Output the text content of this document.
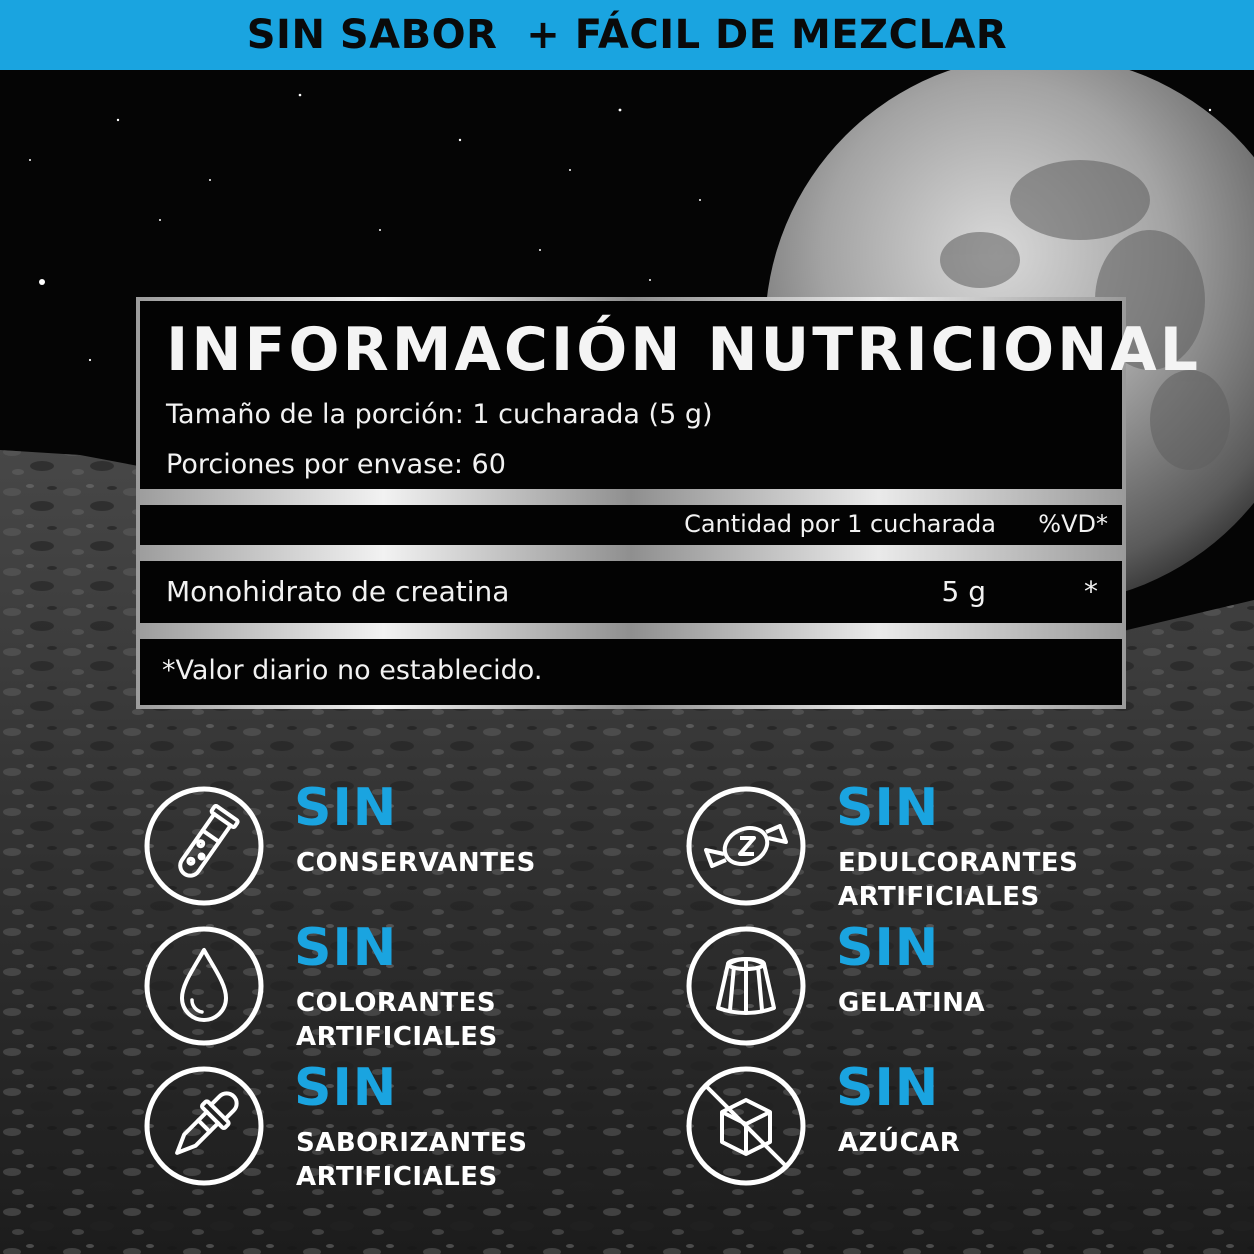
SIN SABOR  + FÁCIL DE MEZCLAR
INFORMACIÓN NUTRICIONAL
Tamaño de la porción: 1 cucharada (5 g)
Porciones por envase: 60
Cantidad por 1 cucharada %VD*
Monohidrato de creatina	5 g	*
*Valor diario no establecido.
SIN
CONSERVANTES
SIN
COLORANTES
ARTIFICIALES
SIN
SABORIZANTES
ARTIFICIALES
SIN
EDULCORANTES
ARTIFICIALES
SIN
GELATINA
SIN
AZÚCAR
